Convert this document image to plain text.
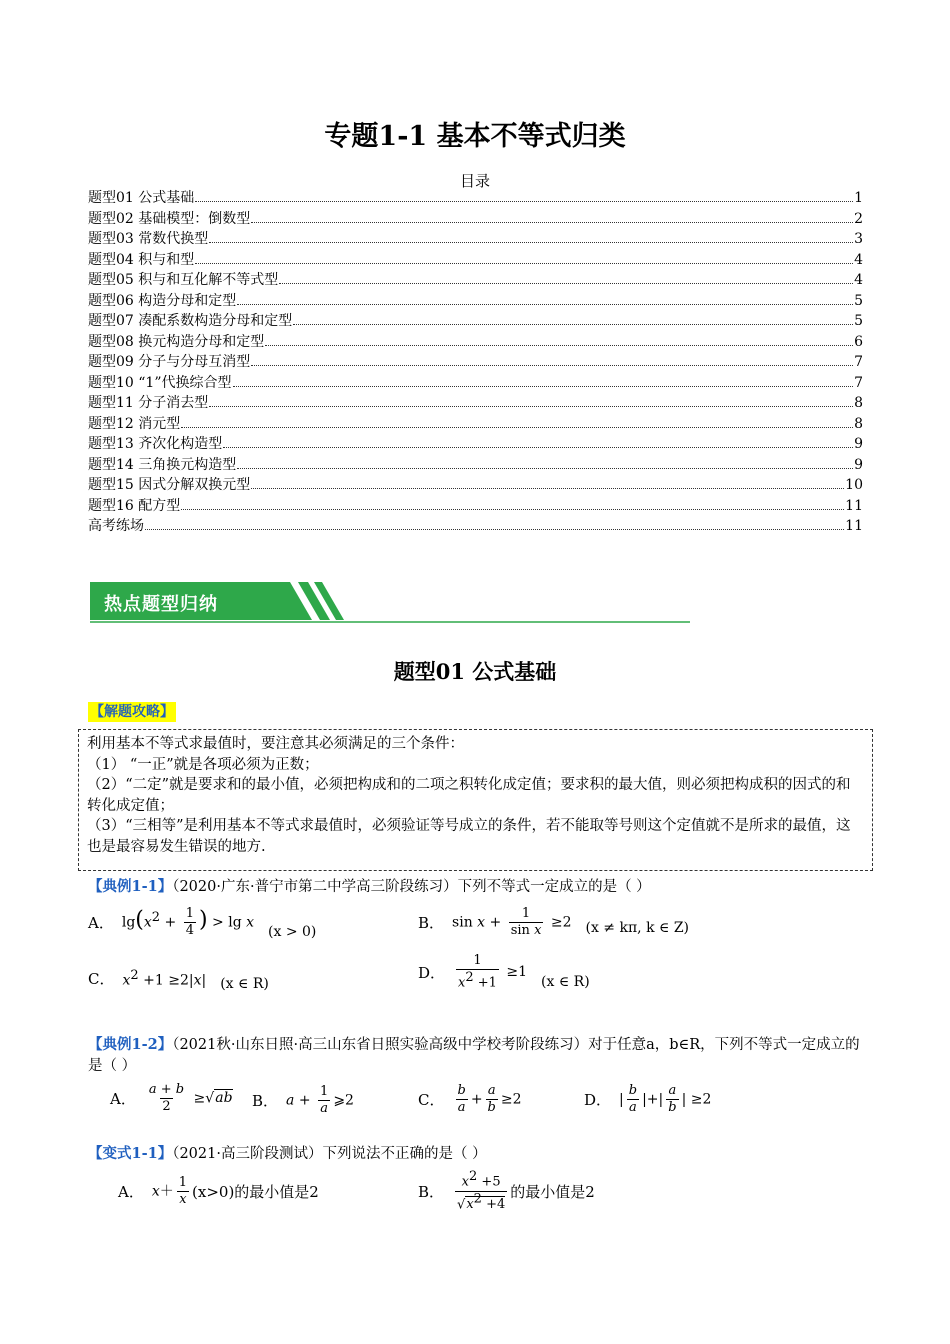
专题1-1 基本不等式归类
目录
题型01 公式基础	1
题型02 基础模型：倒数型	2
题型03 常数代换型	3
题型04 积与和型	4
题型05 积与和互化解不等式型	4
题型06 构造分母和定型	5
题型07 凑配系数构造分母和定型	5
题型08 换元构造分母和定型	6
题型09 分子与分母互消型	7
题型10 “1”代换综合型	7
题型11 分子消去型	8
题型12 消元型	8
题型13 齐次化构造型	9
题型14 三角换元构造型	9
题型15 因式分解双换元型	10
题型16 配方型	11
高考练场	11
热点题型归纳
题型01 公式基础
【解题攻略】

利用基本不等式求最值时，要注意其必须满足的三个条件：

（1） “一正”就是各项必须为正数；

（2）“二定”就是要求和的最小值，必须把构成和的二项之积转化成定值；要求积的最大值，则必须把构成积的因式的和转化成定值；

（3）“三相等”是利用基本不等式求最值时，必须验证等号成立的条件，若不能取等号则这个定值就不是所求的最值，这也是最容易发生错误的地方.

【典例1-1】（2020·广东·普宁市第二中学高三阶段练习）下列不等式一定成立的是（ ）
A． $\lg(x^2 + \frac{1}{4}$ ) > lg x
(x > 0)
B． $\sin x + \frac{1}{\text{sin x}} \ge 2$ (x ≠ kπ, k ∈ Z)
C． $x^2 +1 \ge 2|x|$ (x ∈ R)
D． $\frac{1}{x^2 +1} \ge 1$
(x ∈ R)
【典例1-2】（2021秋·山东日照·高三山东省日照实验高级中学校考阶段练习）对于任意a，b∈R，下列不等式一定成立的是（ ）
A． $\frac{a + b}{2} \ge√ab$ B． $a + \frac{1}{a}$ ⩾2	C． $\frac{b}{a} + \frac{a}{b} \ge 2$	D． | $\frac{b}{a}$ |+| $\frac{a}{b}$ | ≥2
【变式1-1】（2021·高三阶段测试）下列说法不正确的是（ ）
A． $x+ \frac{1}{x} (x>0)$的最小值是2	B． $\frac{x^2 +5}{√x^2 +4}$ 的最小值是2
